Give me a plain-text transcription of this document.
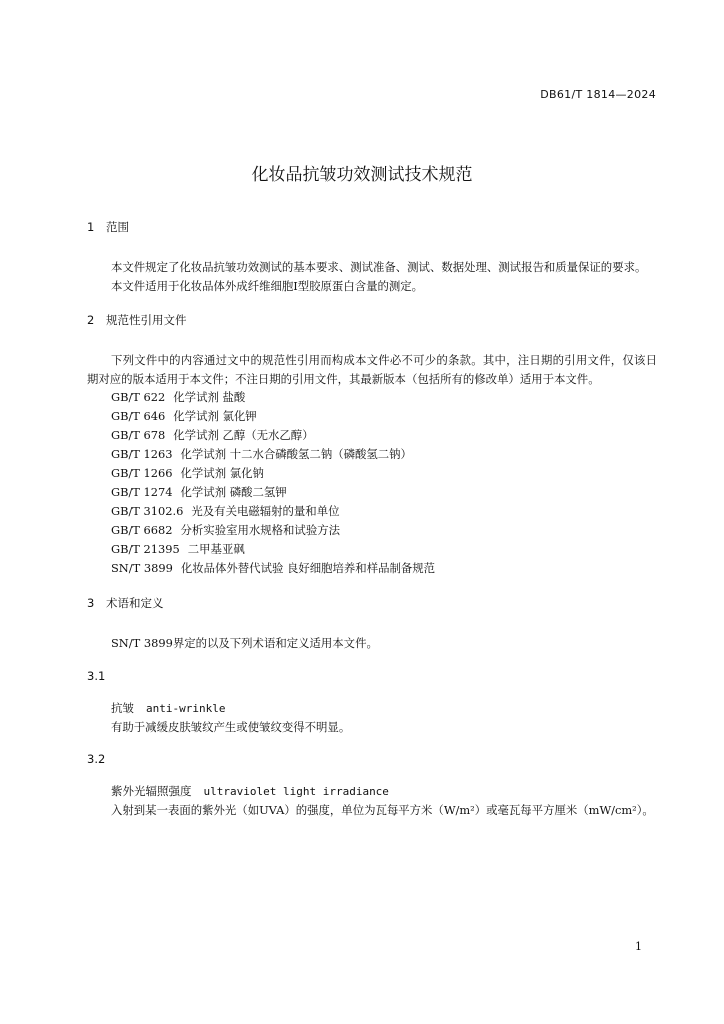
DB61/T 1814—2024
化妆品抗皱功效测试技术规范
1 范围

本文件规定了化妆品抗皱功效测试的基本要求、测试准备、测试、数据处理、测试报告和质量保证的要求。

本文件适用于化妆品体外成纤维细胞Ⅰ型胶原蛋白含量的测定。

2 规范性引用文件

下列文件中的内容通过文中的规范性引用而构成本文件必不可少的条款。其中，注日期的引用文件，仅该日期对应的版本适用于本文件；不注日期的引用文件，其最新版本（包括所有的修改单）适用于本文件。

GB/T 622 化学试剂 盐酸
GB/T 646 化学试剂 氯化钾
GB/T 678 化学试剂 乙醇（无水乙醇）
GB/T 1263 化学试剂 十二水合磷酸氢二钠（磷酸氢二钠）
GB/T 1266 化学试剂 氯化钠
GB/T 1274 化学试剂 磷酸二氢钾
GB/T 3102.6 光及有关电磁辐射的量和单位
GB/T 6682 分析实验室用水规格和试验方法
GB/T 21395 二甲基亚砜
SN/T 3899 化妆品体外替代试验 良好细胞培养和样品制备规范
3 术语和定义

SN/T 3899界定的以及下列术语和定义适用本文件。

3.1
抗皱 anti-wrinkle

有助于减缓皮肤皱纹产生或使皱纹变得不明显。

3.2
紫外光辐照强度 ultraviolet light irradiance

入射到某一表面的紫外光（如UVA）的强度，单位为瓦每平方米（W/m²）或毫瓦每平方厘米（mW/cm²）。

1
